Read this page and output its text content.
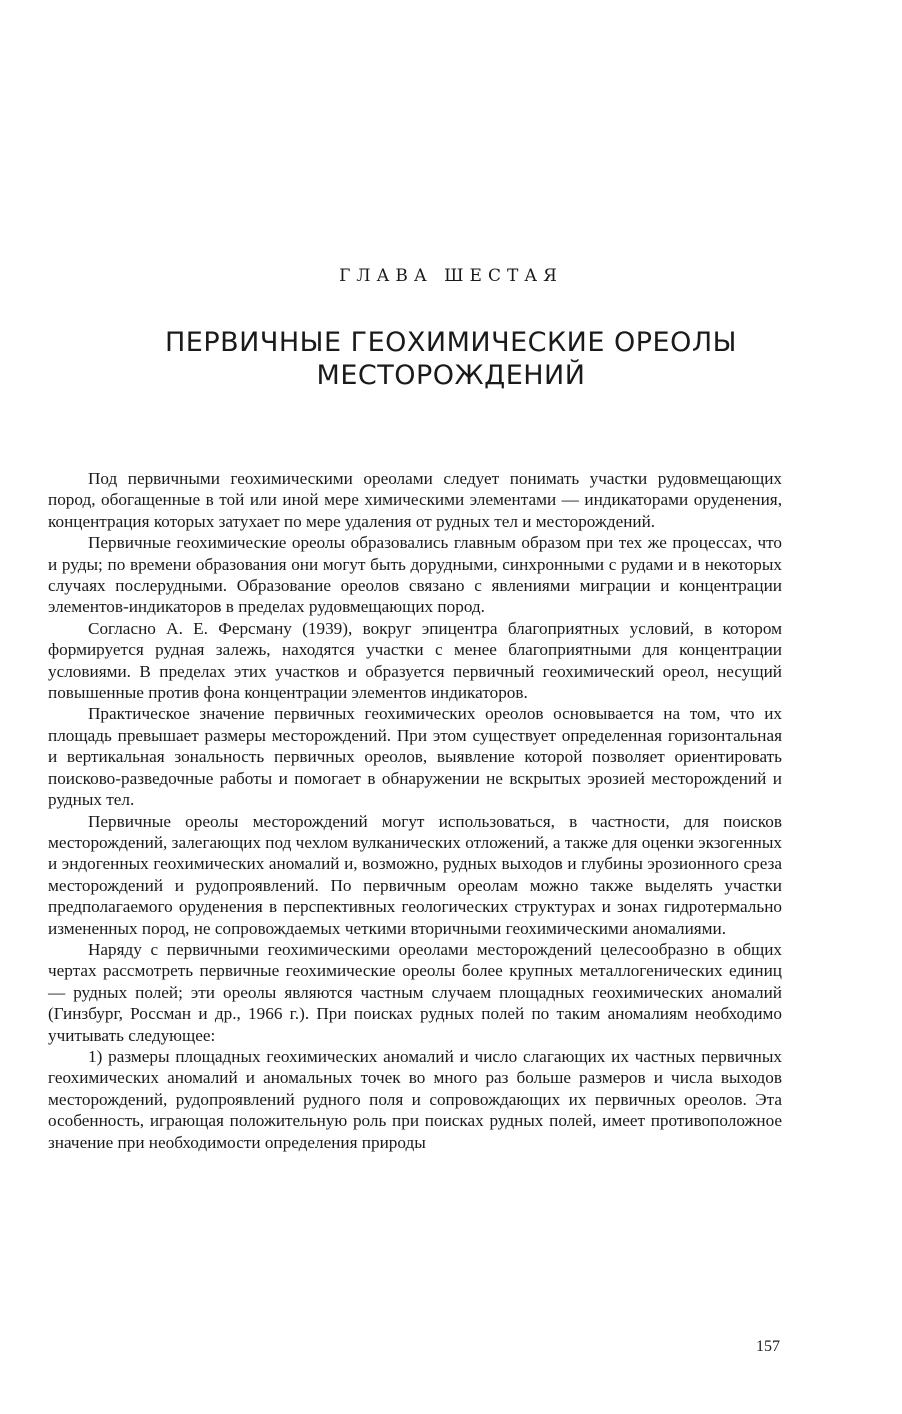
ГЛАВА ШЕСТАЯ
ПЕРВИЧНЫЕ ГЕОХИМИЧЕСКИЕ ОРЕОЛЫ
МЕСТОРОЖДЕНИЙ

Под первичными геохимическими ореолами следует понимать участки рудовмещающих пород, обогащенные в той или иной мере химическими элементами — индикаторами оруденения, концентрация которых затухает по мере удаления от рудных тел и месторождений.

Первичные геохимические ореолы образовались главным образом при тех же процессах, что и руды; по времени образования они могут быть дорудными, синхронными с рудами и в некоторых случаях послерудными. Образование ореолов связано с явлениями миграции и концентрации элементов-индикаторов в пределах рудовмещающих пород.

Согласно А. Е. Ферсману (1939), вокруг эпицентра благоприятных условий, в котором формируется рудная залежь, находятся участки с менее благоприятными для концентрации условиями. В пределах этих участков и образуется первичный геохимический ореол, несущий повышенные против фона концентрации элементов индикаторов.

Практическое значение первичных геохимических ореолов основывается на том, что их площадь превышает размеры месторождений. При этом существует определенная горизонтальная и вертикальная зональность первичных ореолов, выявление которой позволяет ориентировать поисково-разведочные работы и помогает в обнаружении не вскрытых эрозией месторождений и рудных тел.

Первичные ореолы месторождений могут использоваться, в частности, для поисков месторождений, залегающих под чехлом вулканических отложений, а также для оценки экзогенных и эндогенных геохимических аномалий и, возможно, рудных выходов и глубины эрозионного среза месторождений и рудопроявлений. По первичным ореолам можно также выделять участки предполагаемого оруденения в перспективных геологических структурах и зонах гидротермально измененных пород, не сопровождаемых четкими вторичными геохимическими аномалиями.

Наряду с первичными геохимическими ореолами месторождений целесообразно в общих чертах рассмотреть первичные геохимические ореолы более крупных металлогенических единиц — рудных полей; эти ореолы являются частным случаем площадных геохимических аномалий (Гинзбург, Россман и др., 1966 г.). При поисках рудных полей по таким аномалиям необходимо учитывать следующее:

1) размеры площадных геохимических аномалий и число слагающих их частных первичных геохимических аномалий и аномальных точек во много раз больше размеров и числа выходов месторождений, рудопроявлений рудного поля и сопровождающих их первичных ореолов. Эта особенность, играющая положительную роль при поисках рудных полей, имеет противоположное значение при необходимости определения природы

157
